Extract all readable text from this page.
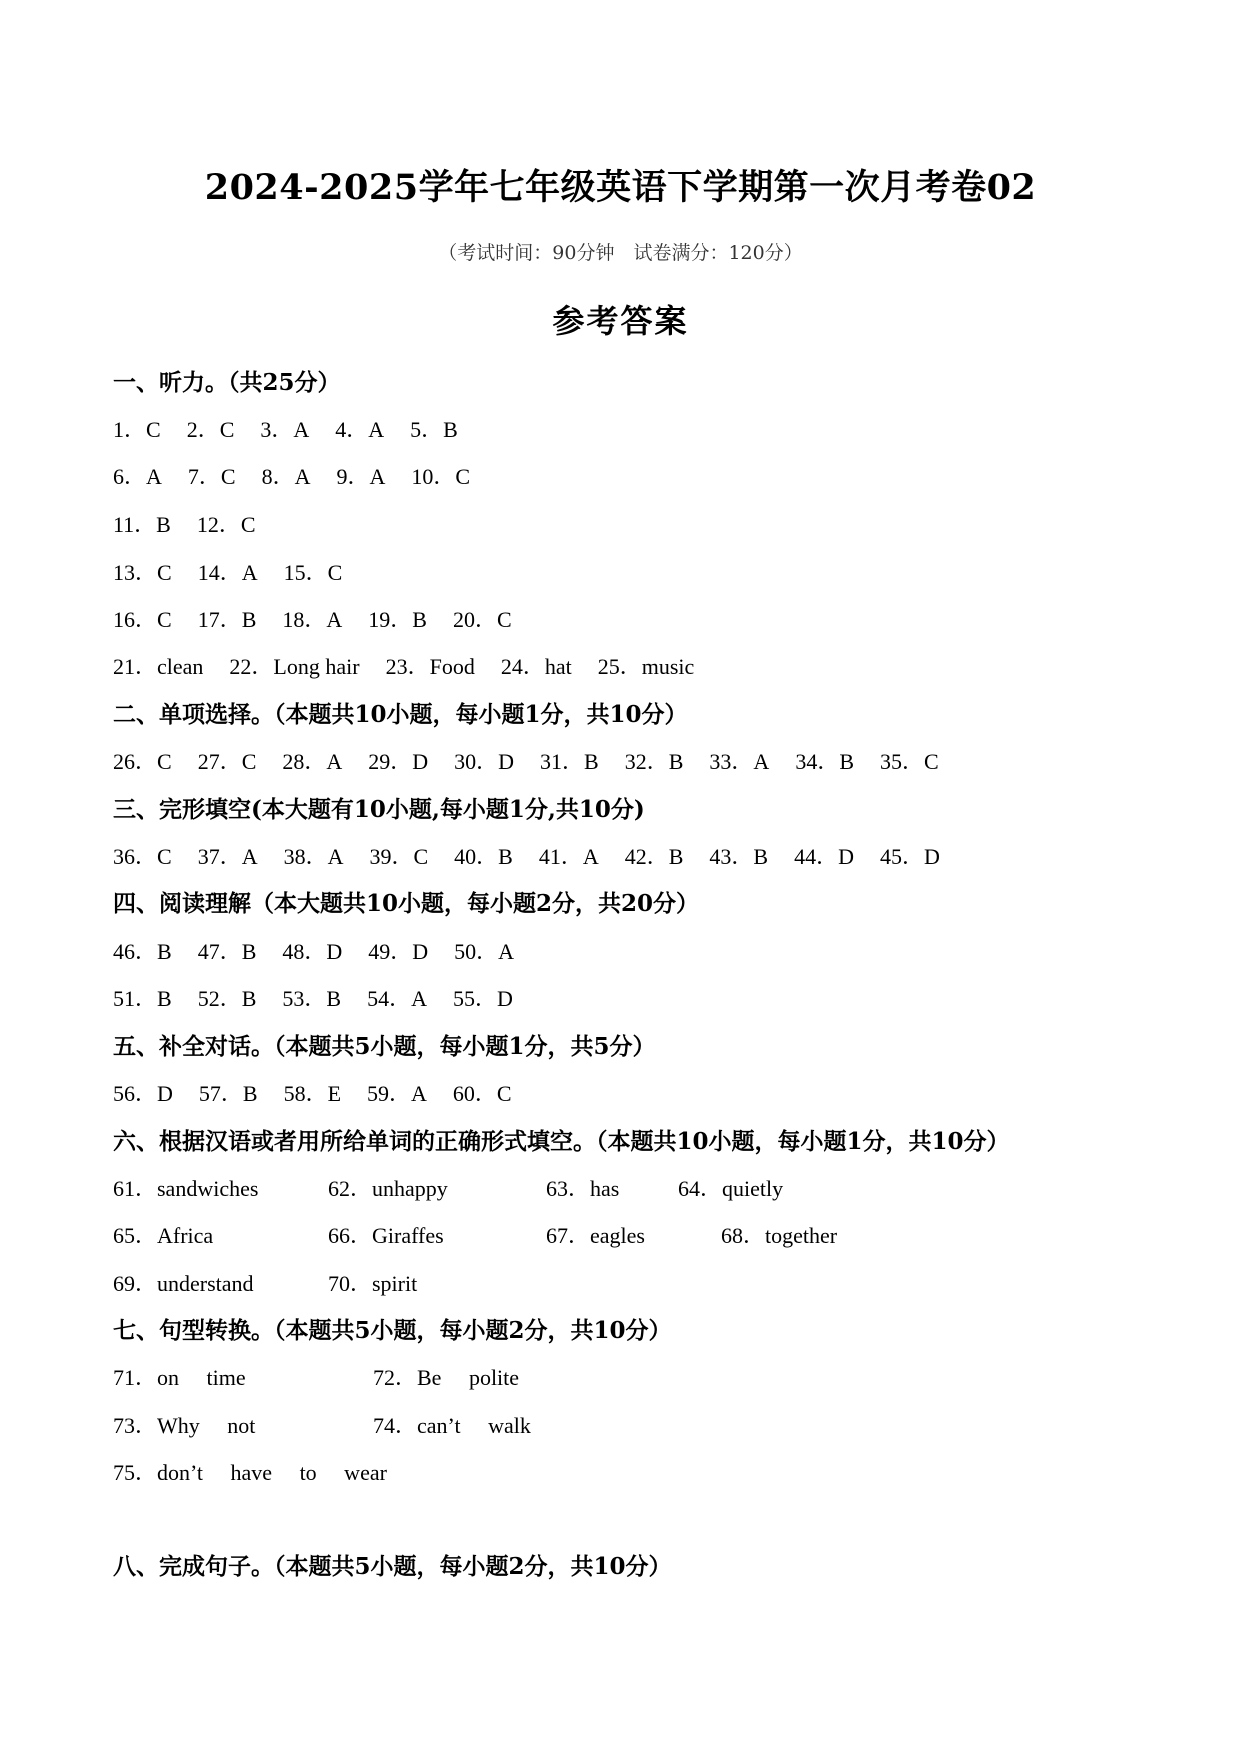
2024-2025学年七年级英语下学期第一次月考卷02
（考试时间：90分钟　试卷满分：120分）
参考答案
一、听力。（共25分）
1．C 2．C 3．A 4．A 5．B
6．A 7．C 8．A 9．A 10．C
11．B 12．C
13．C 14．A 15．C
16．C 17．B 18．A 19．B 20．C
21．clean 22．Long hair 23．Food 24．hat 25．music
二、单项选择。（本题共10小题，每小题1分，共10分）
26．C 27．C 28．A 29．D 30．D 31．B 32．B 33．A 34．B 35．C
三、完形填空(本大题有10小题,每小题1分,共10分)
36．C 37．A 38．A 39．C 40．B 41．A 42．B 43．B 44．D 45．D
四、阅读理解（本大题共10小题，每小题2分，共20分）
46．B 47．B 48．D 49．D 50．A
51．B 52．B 53．B 54．A 55．D
五、补全对话。（本题共5小题，每小题1分，共5分）
56．D 57．B 58．E 59．A 60．C
六、根据汉语或者用所给单词的正确形式填空。（本题共10小题，每小题1分，共10分）
61．sandwiches	62．unhappy	63．has	64．quietly
65．Africa	66．Giraffes	67．eagles	68．together
69．understand	70．spirit
七、句型转换。（本题共5小题，每小题2分，共10分）
71．on　 time	72．Be　 polite
73．Why　 not	74．can’t　 walk
75．don’t　 have　 to　 wear
八、完成句子。（本题共5小题，每小题2分，共10分）
